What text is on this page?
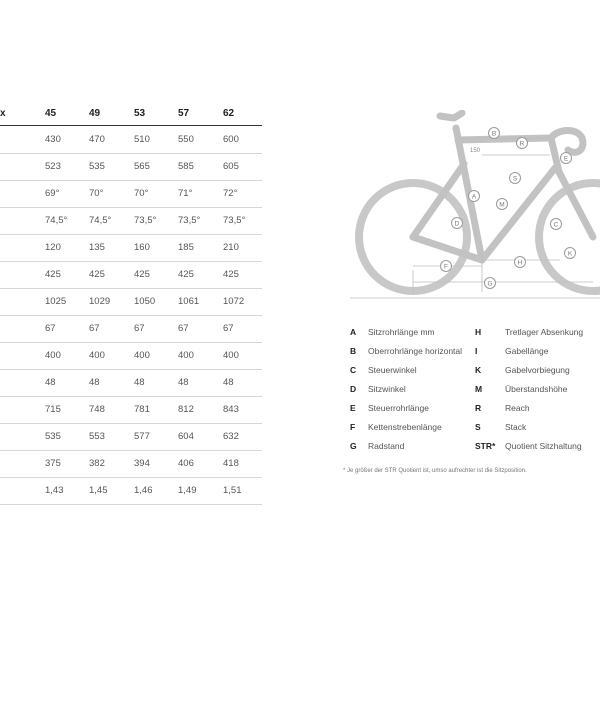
x	45	49	53	57	62
430	470	510	550	600
523	535	565	585	605
69°	70°	70°	71°	72°
74,5° 74,5° 73,5° 73,5° 73,5°
120	135	160	185	210
425	425	425	425	425
1025 1029	1050 1061	1072
67	67	67	67	67
400	400	400	400	400
48	48	48	48	48
715	748	781	812	843
535	553	577	604	632
375	382	394	406	418
1,43	1,45	1,46	1,49	1,51
150
A
B
C
D
E
F
G
H
K
M
R
S
A Sitzrohrlänge mm
B Oberrohrlänge horizontal
C Steuerwinkel
D Sitzwinkel
E Steuerrohrlänge
F Kettenstrebenlänge
G Radstand
H	Tretlager Absenkung
I	Gabellänge
K	Gabelvorbiegung
M	Überstandshöhe
R	Reach
S	Stack
STR* Quotient Sitzhaltung
* Je größer der STR Quotient ist, umso aufrechter ist die Sitzposition.
